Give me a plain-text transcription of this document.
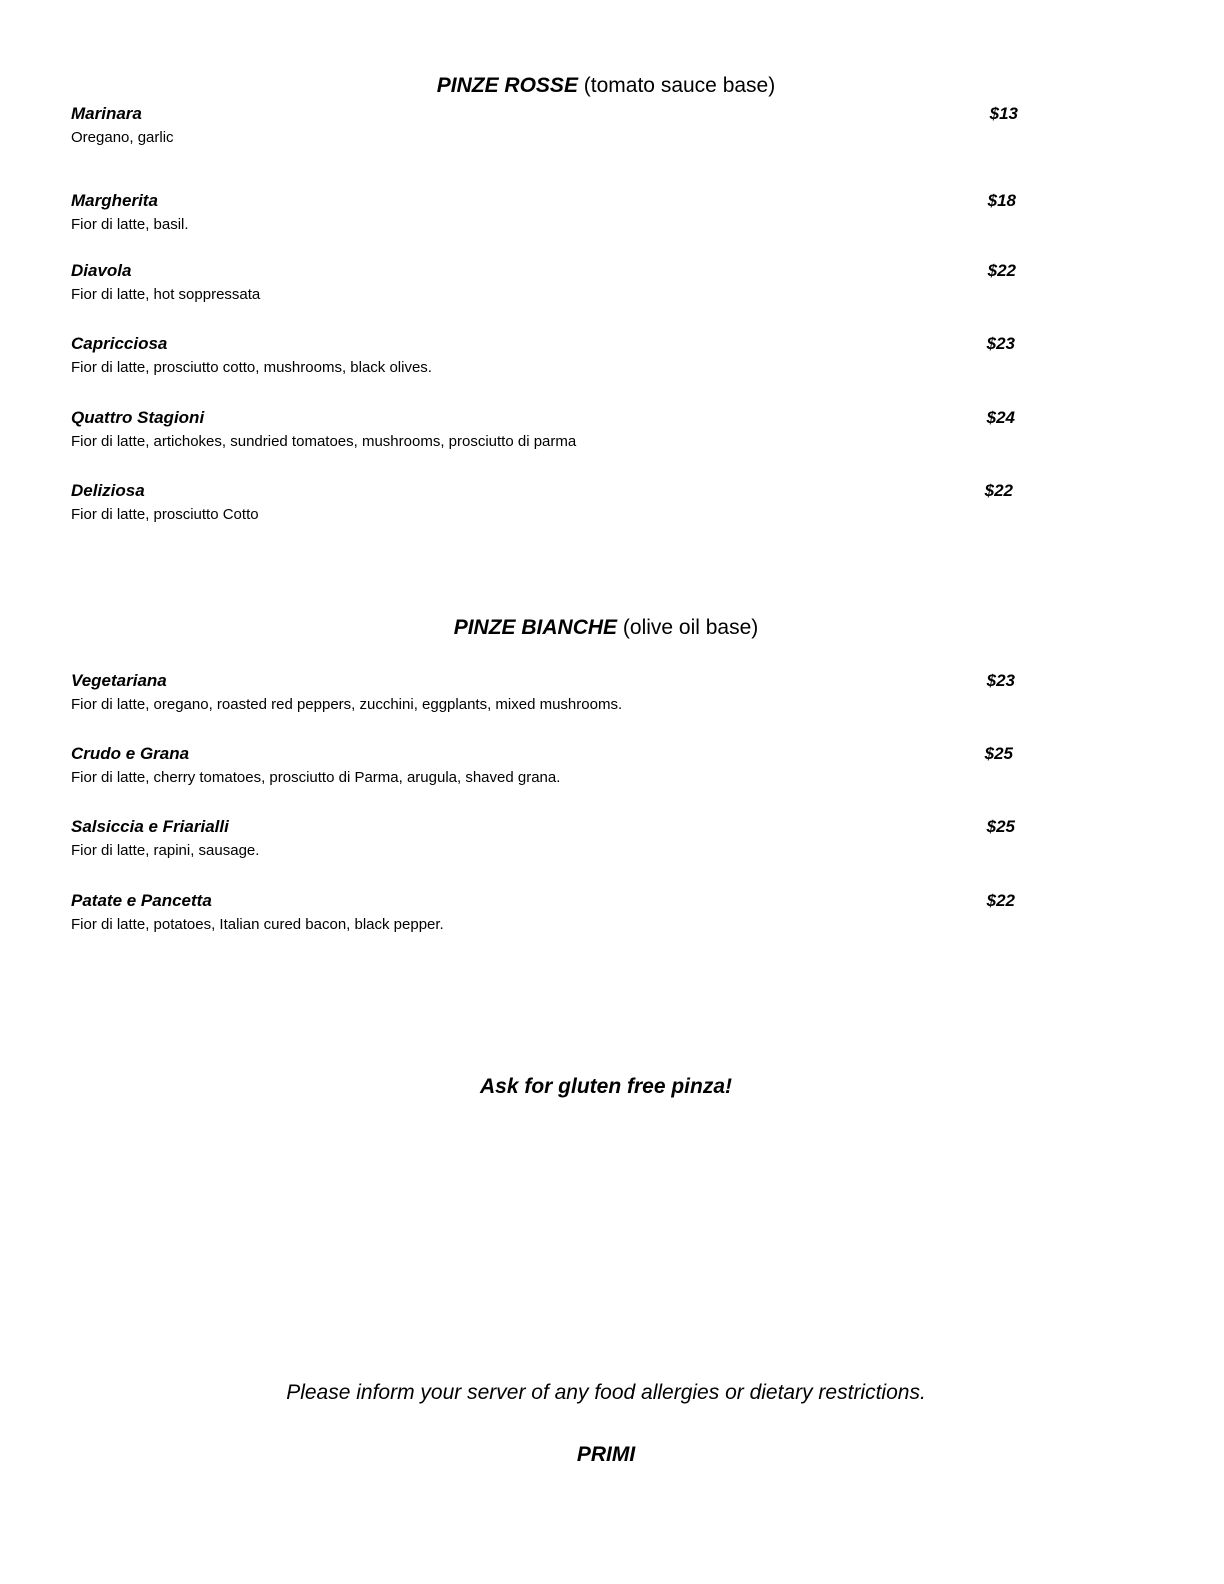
PINZE ROSSE (tomato sauce base)
Marinara	$13
Oregano, garlic
Margherita	$18
Fior di latte, basil.
Diavola	$22
Fior di latte, hot soppressata
Capricciosa	$23
Fior di latte, prosciutto cotto, mushrooms, black olives.
Quattro Stagioni	$24
Fior di latte, artichokes, sundried tomatoes, mushrooms, prosciutto di parma
Deliziosa	$22
Fior di latte, prosciutto Cotto
PINZE BIANCHE (olive oil base)
Vegetariana	$23
Fior di latte, oregano, roasted red peppers, zucchini, eggplants, mixed mushrooms.
Crudo e Grana	$25
Fior di latte, cherry tomatoes, prosciutto di Parma, arugula, shaved grana.
Salsiccia e Friarialli	$25
Fior di latte, rapini, sausage.
Patate e Pancetta	$22
Fior di latte, potatoes, Italian cured bacon, black pepper.
Ask for gluten free pinza!
Please inform your server of any food allergies or dietary restrictions.
PRIMI
